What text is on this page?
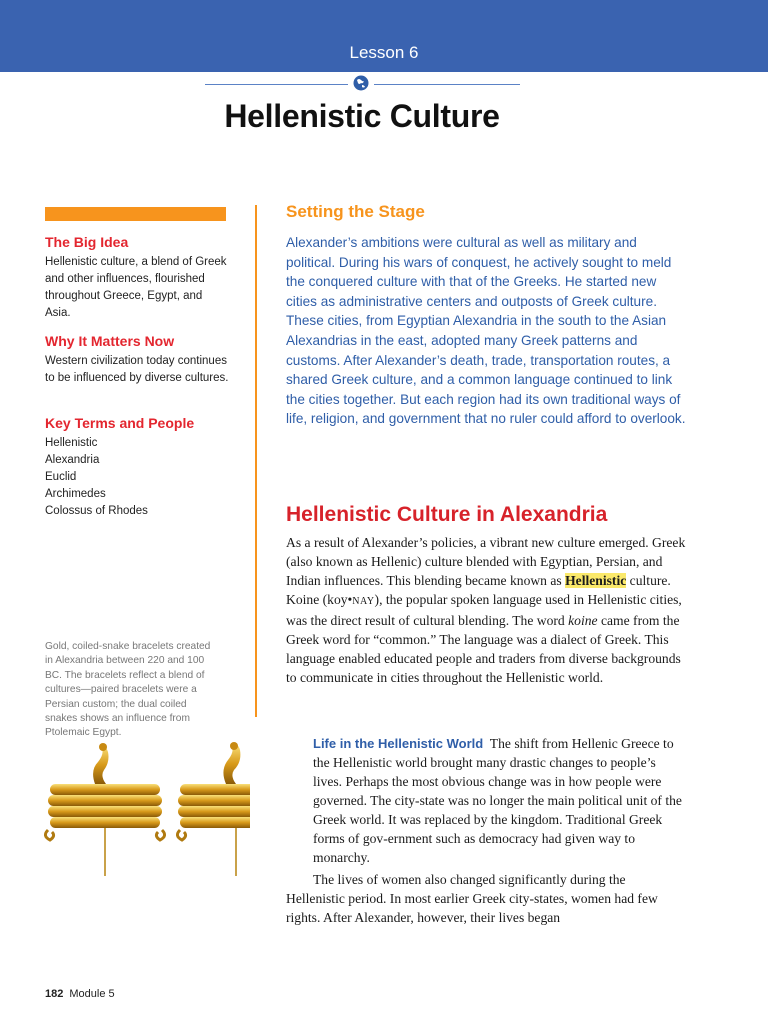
Lesson 6
Hellenistic Culture
The Big Idea

Hellenistic culture, a blend of Greek and other influences, flourished throughout Greece, Egypt, and Asia.

Why It Matters Now

Western civilization today continues to be influenced by diverse cultures.

Key Terms and People
Hellenistic
Alexandria
Euclid
Archimedes
Colossus of Rhodes
Gold, coiled-snake bracelets created in Alexandria between 220 and 100 BC. The bracelets reflect a blend of cultures—paired bracelets were a Persian custom; the dual coiled snakes shows an influence from Ptolemaic Egypt.
Setting the Stage
Alexander’s ambitions were cultural as well as military and political. During his wars of conquest, he actively sought to meld the conquered culture with that of the Greeks. He started new cities as administrative centers and outposts of Greek culture. These cities, from Egyptian Alexandria in the south to the Asian Alexandrias in the east, adopted many Greek patterns and customs. After Alexander’s death, trade, transportation routes, a shared Greek culture, and a common language continued to link the cities together. But each region had its own traditional ways of life, religion, and government that no ruler could afford to overlook.
Hellenistic Culture in Alexandria

As a result of Alexander’s policies, a vibrant new culture emerged. Greek (also known as Hellenic) culture blended with Egyptian, Persian, and Indian influences. This blending became known as Hellenistic culture. Koine (koy•NAY), the popular spoken language used in Hellenistic cities, was the direct result of cultural blending. The word koine came from the Greek word for “common.” The language was a dialect of Greek. This language enabled educated people and traders from diverse backgrounds to communicate in cities throughout the Hellenistic world.

Life in the Hellenistic World The shift from Hellenic Greece to the Hellenistic world brought many drastic changes to people’s lives. Perhaps the most obvious change was in how people were governed. The city-state was no longer the main political unit of the Greek world. It was replaced by the kingdom. Traditional Greek forms of gov-ernment such as democracy had given way to monarchy.

The lives of women also changed significantly during the Hellenistic period. In most earlier Greek city-states, women had few rights. After Alexander, however, their lives began

182 Module 5
